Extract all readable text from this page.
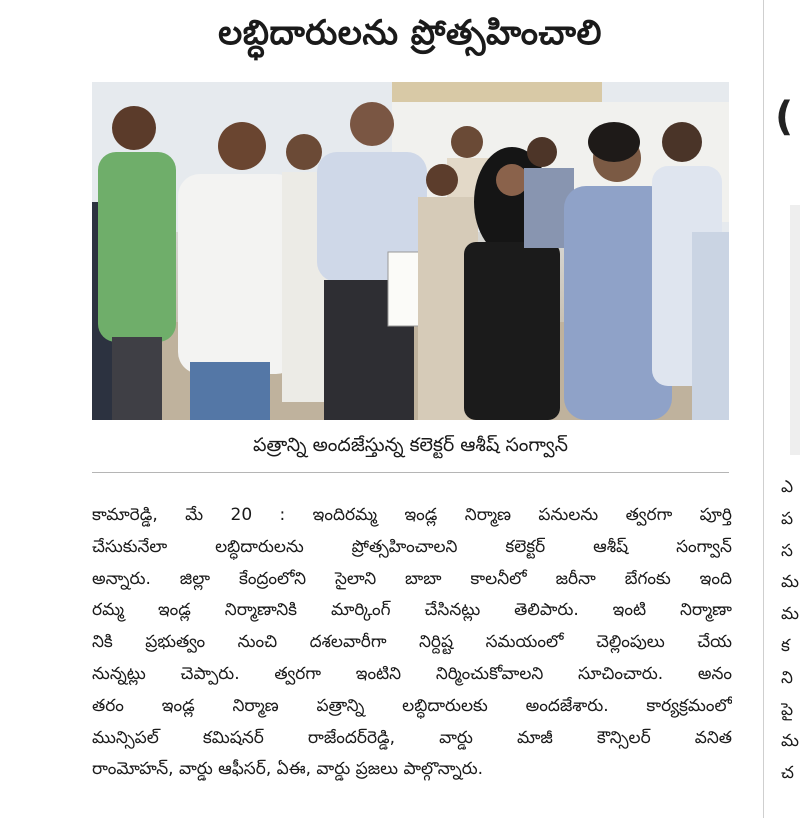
లబ్ధిదారులను ప్రోత్సహించాలి
పత్రాన్ని అందజేస్తున్న కలెక్టర్ ఆశీష్ సంగ్వాన్
కామారెడ్డి, మే 20 : ఇందిరమ్మ ఇండ్ల నిర్మాణ పనులను త్వరగా పూర్తి
చేసుకునేలా లబ్ధిదారులను ప్రోత్సహించాలని కలెక్టర్ ఆశీష్ సంగ్వాన్
అన్నారు. జిల్లా కేంద్రంలోని సైలాని బాబా కాలనీలో జరీనా బేగంకు ఇంది
రమ్మ ఇండ్ల నిర్మాణానికి మార్కింగ్ చేసినట్లు తెలిపారు. ఇంటి నిర్మాణా
నికి ప్రభుత్వం నుంచి దశలవారీగా నిర్దిష్ట సమయంలో చెల్లింపులు చేయ
నున్నట్లు చెప్పారు. త్వరగా ఇంటిని నిర్మించుకోవాలని సూచించారు. అనం
తరం ఇండ్ల నిర్మాణ పత్రాన్ని లబ్ధిదారులకు అందజేశారు. కార్యక్రమంలో
మున్సిపల్ కమిషనర్ రాజేందర్‌రెడ్డి, వార్డు మాజీ కౌన్సిలర్ వనిత
రాంమోహన్, వార్డు ఆఫీసర్, ఏఈ, వార్డు ప్రజలు పాల్గొన్నారు.
(
ఎ
ప
స
మ
మ
క
ని
పై
మ
చ
